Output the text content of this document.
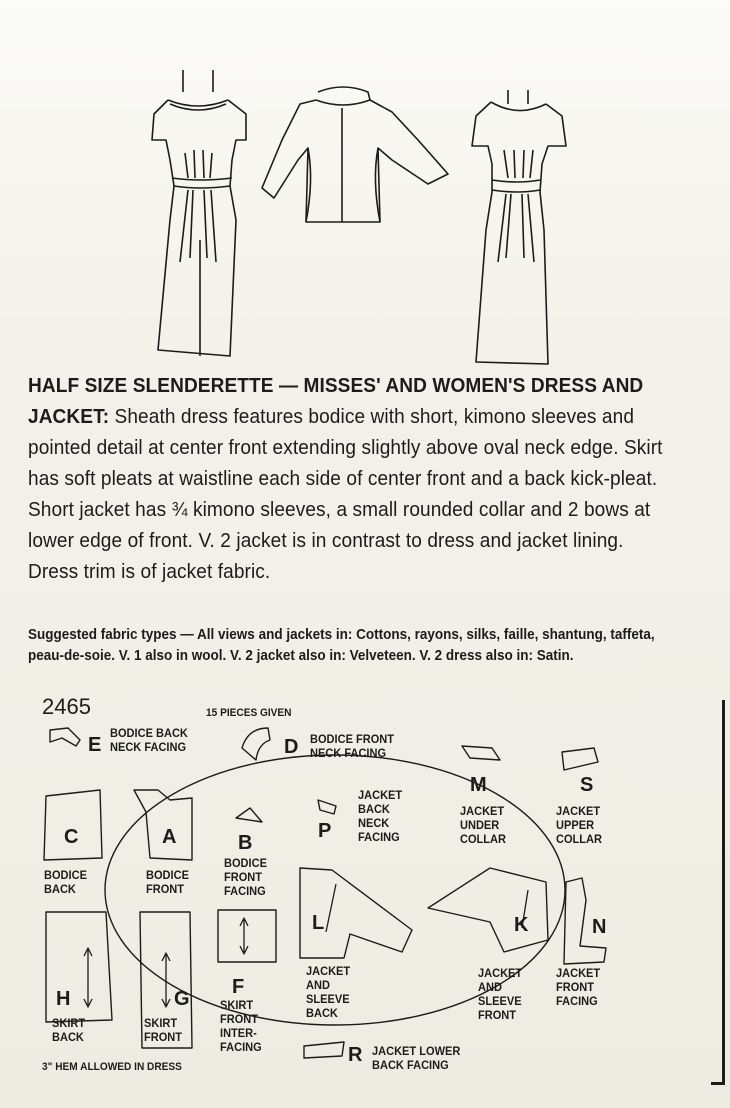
HALF SIZE SLENDERETTE — MISSES' AND WOMEN'S DRESS AND JACKET: Sheath dress features bodice with short, kimono sleeves and pointed detail at center front extending slightly above oval neck edge. Skirt has soft pleats at waistline each side of center front and a back kick-pleat. Short jacket has ¾ kimono sleeves, a small rounded collar and 2 bows at lower edge of front. V. 2 jacket is in contrast to dress and jacket lining. Dress trim is of jacket fabric.
Suggested fabric types — All views and jackets in: Cottons, rayons, silks, faille, shantung, taffeta, peau-de-soie. V. 1 also in wool. V. 2 jacket also in: Velveteen. V. 2 dress also in: Satin.
2465	15 PIECES GIVEN
3" HEM ALLOWED IN DRESS
E	D
M	S
P
C	A	B
L	K	N
H	G
F
R
BODICE BACK NECK FACING
BODICE FRONT NECK FACING
JACKET UNDER COLLAR
JACKET UPPER COLLAR
JACKET BACK NECK FACING
BODICE BACK
BODICE FRONT
BODICE FRONT FACING
JACKET AND SLEEVE BACK
JACKET AND SLEEVE FRONT
JACKET FRONT FACING
SKIRT BACK
SKIRT FRONT
SKIRT FRONT INTER-FACING	JACKET LOWER BACK FACING
